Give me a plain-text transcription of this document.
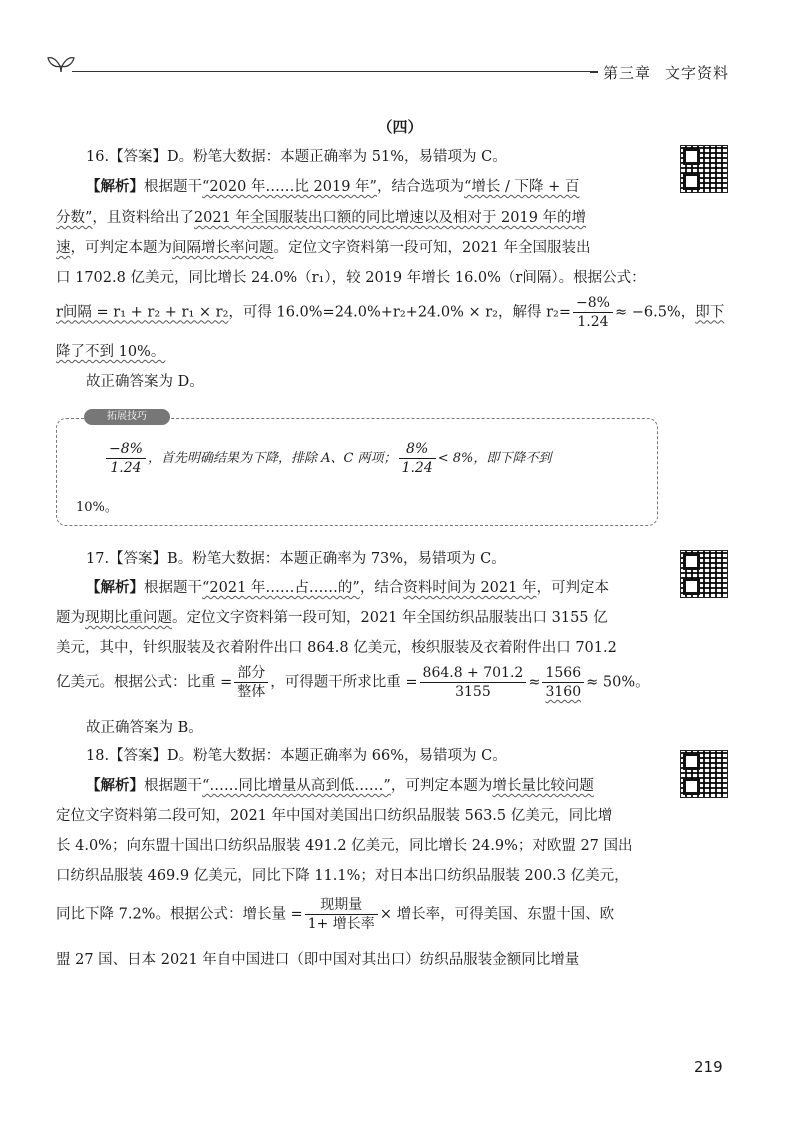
第三章 文字资料
（四）
16.【答案】D。粉笔大数据：本题正确率为 51%，易错项为 C。
【解析】根据题干“2020 年……比 2019 年”，结合选项为“增长 / 下降 + 百
分数”，且资料给出了2021 年全国服装出口额的同比增速以及相对于 2019 年的增
速，可判定本题为间隔增长率问题。定位文字资料第一段可知，2021 年全国服装出
口 1702.8 亿美元，同比增长 24.0%（r₁），较 2019 年增长 16.0%（r间隔）。根据公式：
r间隔 = r₁ + r₂ + r₁ × r₂，可得 16.0%=24.0%+r₂+24.0% × r₂，解得 $r_2= \frac{-8\%}{1.24} \approx -6.5\%$，即下
降了不到 10%。
故正确答案为 D。
拓展技巧
$\frac{-8\%}{1.24}$ ，首先明确结果为下降，排除 A、C 两项； $\frac{8\%}{1.24} < 8\%$，即下降不到
10%。
17.【答案】B。粉笔大数据：本题正确率为 73%，易错项为 C。
【解析】根据题干“2021 年……占……的”，结合资料时间为 2021 年，可判定本
题为现期比重问题。定位文字资料第一段可知，2021 年全国纺织品服装出口 3155 亿
美元，其中，针织服装及衣着附件出口 864.8 亿美元，梭织服装及衣着附件出口 701.2
亿美元。根据公式：比重 = $\frac{\text{部分}}{\text{整体}}$ ，可得题干所求比重 = $\frac{864.8 + 701.2}{3155} \approx \frac{1566}{3160} \approx 50\%$。
故正确答案为 B。
18.【答案】D。粉笔大数据：本题正确率为 66%，易错项为 C。
【解析】根据题干“……同比增量从高到低……”，可判定本题为增长量比较问题
定位文字资料第二段可知，2021 年中国对美国出口纺织品服装 563.5 亿美元，同比增
长 4.0%；向东盟十国出口纺织品服装 491.2 亿美元，同比增长 24.9%；对欧盟 27 国出
口纺织品服装 469.9 亿美元，同比下降 11.1%；对日本出口纺织品服装 200.3 亿美元，
同比下降 7.2%。根据公式：增长量 = $\frac{\text{现期量}}{\text{1+ 增长率}}$ × 增长率，可得美国、东盟十国、欧
盟 27 国、日本 2021 年自中国进口（即中国对其出口）纺织品服装金额同比增量
219
